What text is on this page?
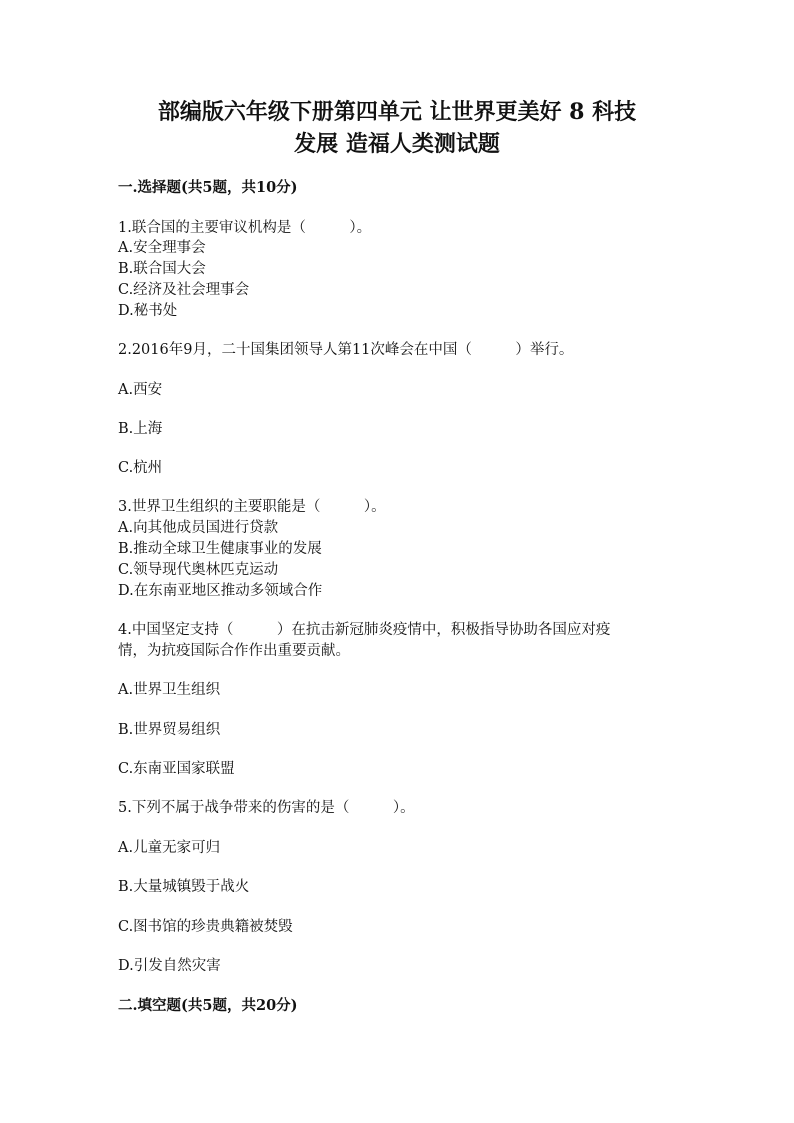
部编版六年级下册第四单元 让世界更美好 8 科技
发展 造福人类测试题
一.选择题(共5题，共10分)
1.联合国的主要审议机构是（　　　）。
A.安全理事会
B.联合国大会
C.经济及社会理事会
D.秘书处
2.2016年9月，二十国集团领导人第11次峰会在中国（　　　）举行。
A.西安
B.上海
C.杭州
3.世界卫生组织的主要职能是（　　　）。
A.向其他成员国进行贷款
B.推动全球卫生健康事业的发展
C.领导现代奥林匹克运动
D.在东南亚地区推动多领域合作
4.中国坚定支持（　　　）在抗击新冠肺炎疫情中，积极指导协助各国应对疫
情，为抗疫国际合作作出重要贡献。
A.世界卫生组织
B.世界贸易组织
C.东南亚国家联盟
5.下列不属于战争带来的伤害的是（　　　）。
A.儿童无家可归
B.大量城镇毁于战火
C.图书馆的珍贵典籍被焚毁
D.引发自然灾害
二.填空题(共5题，共20分)
